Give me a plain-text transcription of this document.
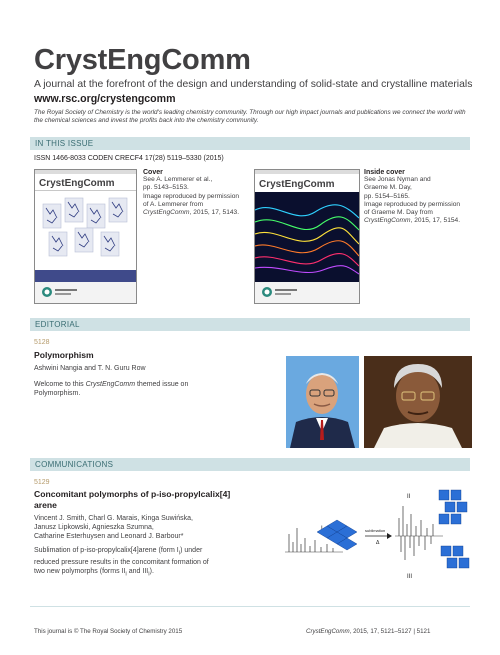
CrystEngComm
A journal at the forefront of the design and understanding of solid-state and crystalline materials
www.rsc.org/crystengcomm
The Royal Society of Chemistry is the world's leading chemistry community. Through our high impact journals and publications we connect the world with the chemical sciences and invest the profits back into the chemistry community.
IN THIS ISSUE
ISSN 1466-8033 CODEN CRECF4 17(28) 5119–5330 (2015)
CrystEngComm
Cover
See A. Lemmerer et al.,
pp. 5143–5153.
Image reproduced by permission
of A. Lemmerer from
CrystEngComm, 2015, 17, 5143.
CrystEngComm
Inside cover
See Jonas Nyman and
Graeme M. Day,
pp. 5154–5165.
Image reproduced by permission
of Graeme M. Day from
CrystEngComm, 2015, 17, 5154.
EDITORIAL
5128
Polymorphism
Ashwini Nangia and T. N. Guru Row
Welcome to this CrystEngComm themed issue on
Polymorphism.
COMMUNICATIONS
5129
Concomitant polymorphs of p-iso-propylcalix[4]
arene
Vincent J. Smith, Charl G. Marais, Kinga Suwińska,
Janusz Lipkowski, Agnieszka Szumna,
Catharine Esterhuysen and Leonard J. Barbour*
Sublimation of p-iso-propylcalix[4]arene (form $I_I$) under
reduced pressure results in the concomitant formation of
two new polymorphs (forms $II_I$ and $III_I$).
sublimation
Δ
II
III
This journal is © The Royal Society of Chemistry 2015	CrystEngComm, 2015, 17, 5121–5127 | 5121
